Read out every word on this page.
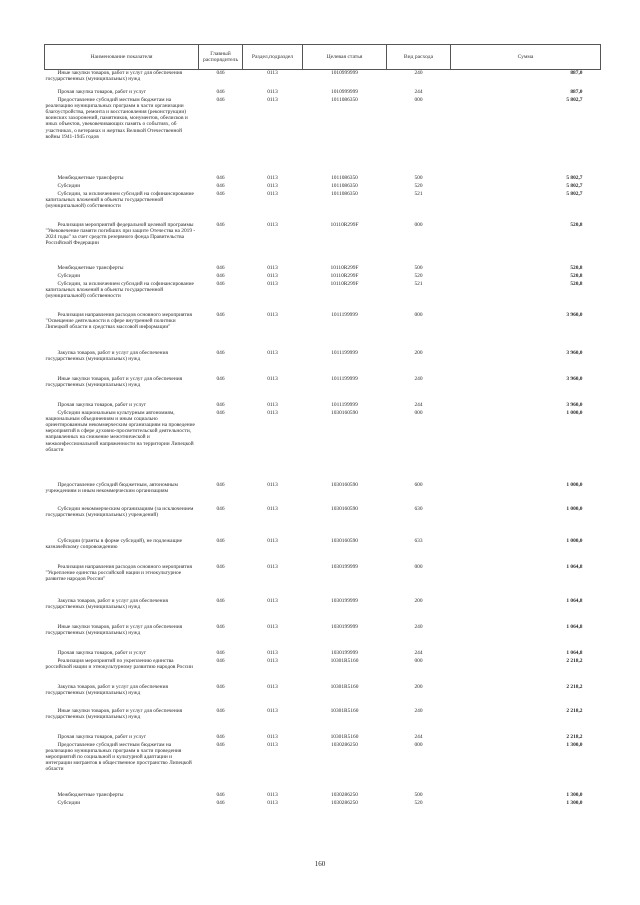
Наименование показателя	Главный распорядитель	Раздел,подраздел	Целевая статья	Вид расхода	Сумма

Иные закупки товаров, работ и услуг для обеспечения государственных (муниципальных) нужд	046	0113	1010999999	240	887,0

Прочая закупка товаров, работ и услуг	046	0113	1010999999	244	887,0

Предоставление субсидий местным бюджетам на реализацию муниципальных программ в части организации благоустройства, ремонта и восстановления (реконструкции) воинских захоронений, памятников, монументов, обелисков и иных объектов, увековечивающих память о событиях, об участниках, о ветеранах и жертвах Великой Отечественной войны 1941-1945 годов	046	0113	1011086350	000	5 802,7

Межбюджетные трансферты	046	0113	1011086350	500	5 802,7

Субсидии	046	0113	1011086350	520	5 802,7

Субсидии, за исключением субсидий на софинансирование капитальных вложений в объекты государственной (муниципальной) собственности	046	0113	1011086350	521	5 802,7

Реализация мероприятий федеральной целевой программы "Увековечение памяти погибших при защите Отечества на 2019 - 2024 годы" за счет средств резервного фонда Правительства Российской Федерации	046	0113	10110R299F	000	520,8

Межбюджетные трансферты	046	0113	10110R299F	500	520,8

Субсидии	046	0113	10110R299F	520	520,8

Субсидии, за исключением субсидий на софинансирование капитальных вложений в объекты государственной (муниципальной) собственности	046	0113	10110R299F	521	520,8

Реализация направления расходов основного мероприятия "Освещение деятельности в сфере внутренней политики Липецкой области в средствах массовой информации"	046	0113	1011199999	000	3 960,0

Закупка товаров, работ и услуг для обеспечения государственных (муниципальных) нужд	046	0113	1011199999	200	3 960,0

Иные закупки товаров, работ и услуг для обеспечения государственных (муниципальных) нужд	046	0113	1011199999	240	3 960,0

Прочая закупка товаров, работ и услуг	046	0113	1011199999	244	3 960,0

Субсидии национальным культурным автономиям, национальным объединениям и иным социально ориентированным некоммерческим организациям на проведение мероприятий в сфере духовно-просветительской деятельности, направленных на снижение межэтнической и межконфессиональной напряженности на территории Липецкой области	046	0113	1030160590	000	1 000,0

Предоставление субсидий бюджетным, автономным учреждениям и иным некоммерческим организациям	046	0113	1030160590	600	1 000,0

Субсидии некоммерческим организациям (за исключением государственных (муниципальных) учреждений)	046	0113	1030160590	630	1 000,0

Субсидии (гранты в форме субсидий), не подлежащие казначейскому сопровождению	046	0113	1030160590	633	1 000,0

Реализация направления расходов основного мероприятия "Укрепление единства российской нации и этнокультурное развитие народов России"	046	0113	1030199999	000	1 064,8

Закупка товаров, работ и услуг для обеспечения государственных (муниципальных) нужд	046	0113	1030199999	200	1 064,8

Иные закупки товаров, работ и услуг для обеспечения государственных (муниципальных) нужд	046	0113	1030199999	240	1 064,8

Прочая закупка товаров, работ и услуг	046	0113	1030199999	244	1 064,8

Реализация мероприятий по укреплению единства российской нации и этнокультурному развитию народов России	046	0113	10301R5160	000	2 218,2

Закупка товаров, работ и услуг для обеспечения государственных (муниципальных) нужд	046	0113	10301R5160	200	2 218,2

Иные закупки товаров, работ и услуг для обеспечения государственных (муниципальных) нужд	046	0113	10301R5160	240	2 218,2

Прочая закупка товаров, работ и услуг	046	0113	10301R5160	244	2 218,2

Предоставление субсидий местным бюджетам на реализацию муниципальных программ в части проведения мероприятий по социальной и культурной адаптации и интеграции мигрантов в общественное пространство Липецкой области	046	0113	1030286250	000	1 300,0

Межбюджетные трансферты	046	0113	1030286250	500	1 300,0

Субсидии	046	0113	1030286250	520	1 300,0
160
